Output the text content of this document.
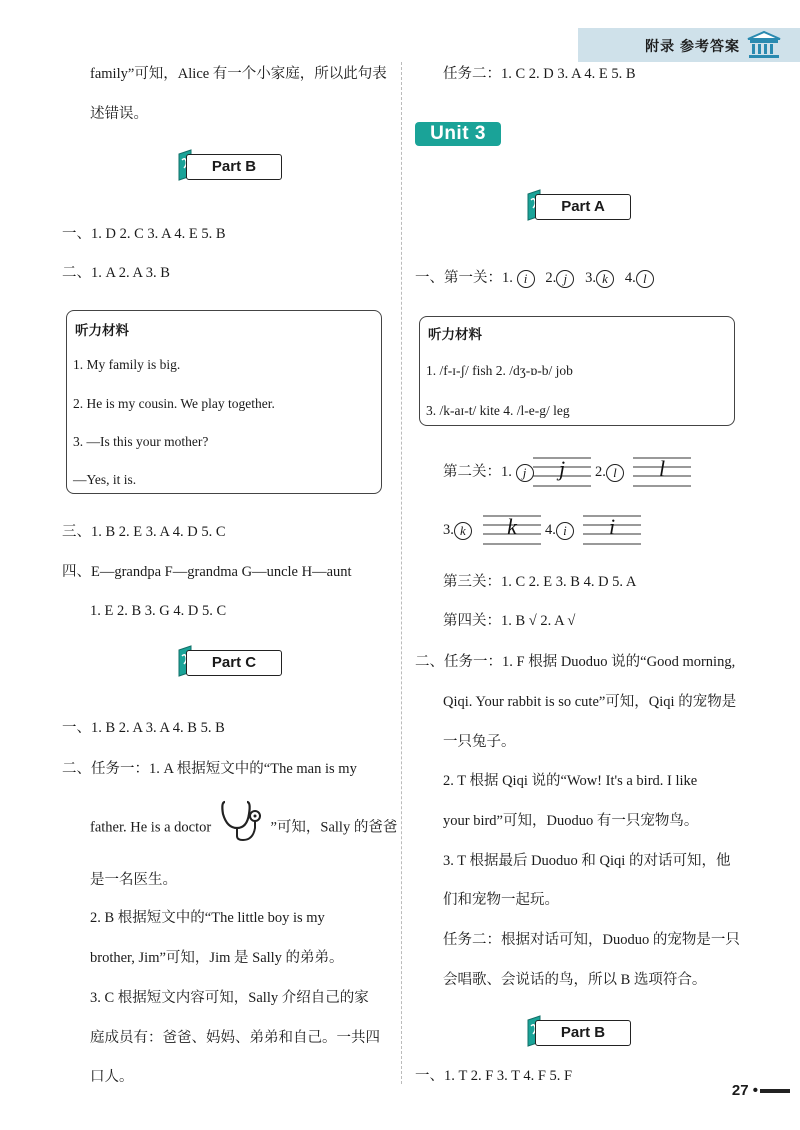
附录 参考答案
family”可知，Alice 有一个小家庭，所以此句表
述错误。
Part B
一、1. D 2. C 3. A 4. E 5. B
二、1. A 2. A 3. B
听力材料
1. My family is big.
2. He is my cousin. We play together.
3. —Is this your mother?
—Yes, it is.
三、1. B 2. E 3. A 4. D 5. C
四、E—grandpa F—grandma G—uncle H—aunt
1. E 2. B 3. G 4. D 5. C
Part C
一、1. B 2. A 3. A 4. B 5. B
二、任务一：1. A 根据短文中的“The man is my
father. He is a doctor	”可知，Sally 的爸爸
是一名医生。
2. B 根据短文中的“The little boy is my
brother, Jim”可知，Jim 是 Sally 的弟弟。
3. C 根据短文内容可知，Sally 介绍自己的家
庭成员有：爸爸、妈妈、弟弟和自己。一共四
口人。
任务二：1. C 2. D 3. A 4. E 5. B
Unit 3
Part A
一、第一关：1. i 2. j 3. k 4. l
听力材料
1. /f-ɪ-ʃ/ fish 2. /dʒ-ɒ-b/ job
3. /k-aɪ-t/ kite 4. /l-e-g/ leg
第二关：1. j	j 2. l	l
3. k k 4. i	i
第三关：1. C 2. E 3. B 4. D 5. A
第四关：1. B √ 2. A √
二、任务一：1. F 根据 Duoduo 说的“Good morning,
Qiqi. Your rabbit is so cute”可知，Qiqi 的宠物是
一只兔子。
2. T 根据 Qiqi 说的“Wow! It's a bird. I like
your bird”可知，Duoduo 有一只宠物鸟。
3. T 根据最后 Duoduo 和 Qiqi 的对话可知，他
们和宠物一起玩。
任务二：根据对话可知，Duoduo 的宠物是一只
会唱歌、会说话的鸟，所以 B 选项符合。
Part B
一、1. T 2. F 3. T 4. F 5. F
27 •
